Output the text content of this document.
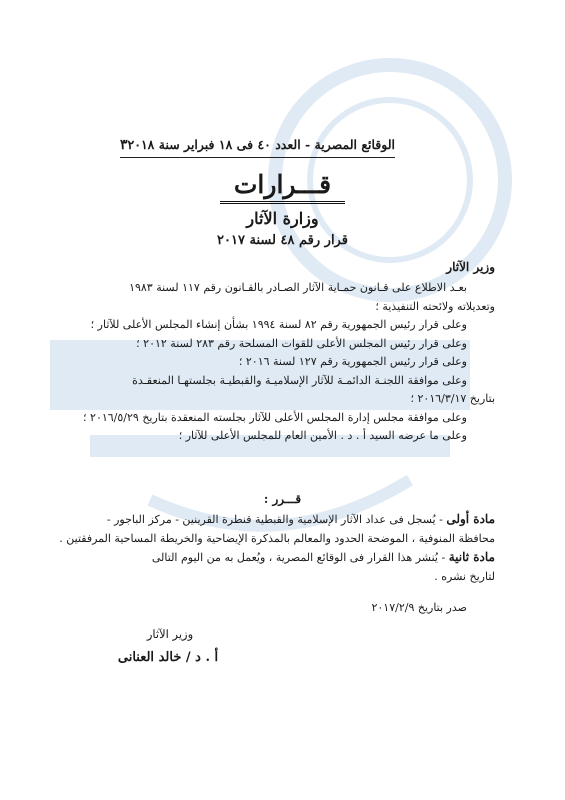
الوقائع المصرية - العدد ٤٠ فى ١٨ فبراير سنة ٢٠١٨
٣
قـــرارات
وزارة الآثار
قرار رقم ٤٨ لسنة ٢٠١٧
وزير الآثار

بعـد الاطلاع على قـانون حمـاية الآثار الصـادر بالقـانون رقم ١١٧ لسنة ١٩٨٣

وتعديلاته ولائحته التنفيذية ؛

وعلى قرار رئيس الجمهورية رقم ٨٢ لسنة ١٩٩٤ بشأن إنشاء المجلس الأعلى للآثار ؛

وعلى قرار رئيس المجلس الأعلى للقوات المسلحة رقم ٢٨٣ لسنة ٢٠١٢ ؛

وعلى قرار رئيس الجمهورية رقم ١٢٧ لسنة ٢٠١٦ ؛

وعلى موافقة اللجنـة الدائمـة للآثار الإسلاميـة والقبطيـة بجلستهـا المنعقـدة

بتاريخ ٢٠١٦/٣/١٧ ؛

وعلى موافقة مجلس إدارة المجلس الأعلى للآثار بجلسته المنعقدة بتاريخ ٢٠١٦/٥/٢٩ ؛

وعلى ما عرضه السيد أ . د . الأمين العام للمجلس الأعلى للآثار ؛

قـــرر :

مادة أولى - يُسجل فى عداد الآثار الإسلامية والقبطية قنطرة القرينين - مركز الباجور -

محافظة المنوفية ، الموضحة الحدود والمعالم بالمذكرة الإيضاحية والخريطة المساحية المرفقتين .

مادة ثانية - يُنشر هذا القرار فى الوقائع المصرية ، ويُعمل به من اليوم التالى

لتاريخ نشره .

صدر بتاريخ ٢٠١٧/٢/٩
وزير الآثار
أ . د / خالد العنانى
